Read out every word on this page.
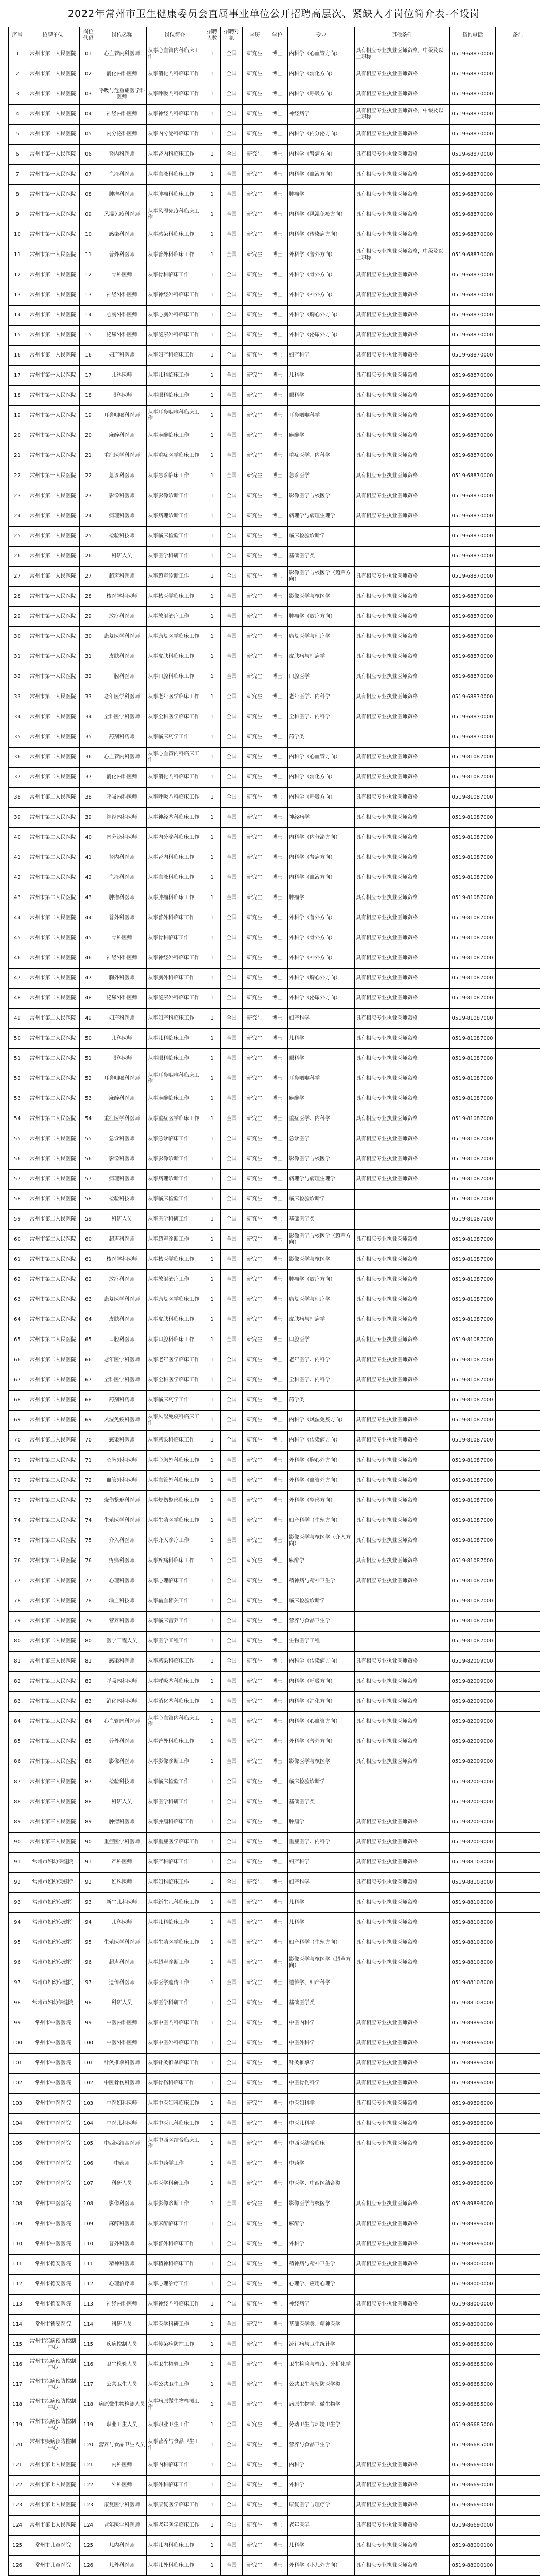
2022年常州市卫生健康委员会直属事业单位公开招聘高层次、紧缺人才岗位简介表-不设岗
序号	招聘单位	岗位代码	岗位名称	岗位简介	招聘人数	招聘对象	学历	学位	专业	其他条件	咨询电话	备注
1	常州市第一人民医院	01	心血管内科医师	从事心血管内科临床工作	1	全国	研究生	博士	内科学（心血管方向）	具有相应专业执业医师资格，中级及以上职称	0519-68870000	
2	常州市第一人民医院	02	消化内科医师	从事消化内科临床工作	1	全国	研究生	博士	内科学（消化方向）	具有相应专业执业医师资格	0519-68870000	
3	常州市第一人民医院	03	呼吸与危重症医学科医师	从事呼吸内科临床工作	1	全国	研究生	博士	内科学（呼吸方向）	具有相应专业执业医师资格	0519-68870000	
4	常州市第一人民医院	04	神经内科医师	从事神经内科临床工作	1	全国	研究生	博士	神经病学	具有相应专业执业医师资格，中级及以上职称	0519-68870000	
5	常州市第一人民医院	05	内分泌科医师	从事内分泌科临床工作	1	全国	研究生	博士	内科学（内分泌方向）	具有相应专业执业医师资格	0519-68870000	
6	常州市第一人民医院	06	肾内科医师	从事肾内科临床工作	1	全国	研究生	博士	内科学（肾病方向）	具有相应专业执业医师资格	0519-68870000	
7	常州市第一人民医院	07	血液科医师	从事血液科临床工作	1	全国	研究生	博士	内科学（血液方向）	具有相应专业执业医师资格	0519-68870000	
8	常州市第一人民医院	08	肿瘤科医师	从事肿瘤科临床工作	1	全国	研究生	博士	肿瘤学	具有相应专业执业医师资格	0519-68870000	
9	常州市第一人民医院	09	风湿免疫科医师	从事风湿免疫科临床工作	1	全国	研究生	博士	内科学（风湿免疫方向）	具有相应专业执业医师资格	0519-68870000	
10	常州市第一人民医院	10	感染科医师	从事感染科临床工作	1	全国	研究生	博士	内科学（传染病方向）	具有相应专业执业医师资格	0519-68870000	
11	常州市第一人民医院	11	普外科医师	从事普外科临床工作	1	全国	研究生	博士	外科学（普外方向）	具有相应专业执业医师资格，中级及以上职称	0519-68870000	
12	常州市第一人民医院	12	骨科医师	从事骨科临床工作	1	全国	研究生	博士	外科学（骨外方向）	具有相应专业执业医师资格	0519-68870000	
13	常州市第一人民医院	13	神经外科医师	从事神经外科临床工作	1	全国	研究生	博士	外科学（神外方向）	具有相应专业执业医师资格	0519-68870000	
14	常州市第一人民医院	14	心胸外科医师	从事心胸外科临床工作	1	全国	研究生	博士	外科学（胸心外方向）	具有相应专业执业医师资格	0519-68870000	
15	常州市第一人民医院	15	泌尿外科医师	从事泌尿外科临床工作	1	全国	研究生	博士	外科学（泌尿外方向）	具有相应专业执业医师资格	0519-68870000	
16	常州市第一人民医院	16	妇产科医师	从事妇产科临床工作	1	全国	研究生	博士	妇产科学	具有相应专业执业医师资格	0519-68870000	
17	常州市第一人民医院	17	儿科医师	从事儿科临床工作	1	全国	研究生	博士	儿科学	具有相应专业执业医师资格	0519-68870000	
18	常州市第一人民医院	18	眼科医师	从事眼科临床工作	1	全国	研究生	博士	眼科学	具有相应专业执业医师资格	0519-68870000	
19	常州市第一人民医院	19	耳鼻咽喉科医师	从事耳鼻咽喉科临床工作	1	全国	研究生	博士	耳鼻咽喉科学	具有相应专业执业医师资格	0519-68870000	
20	常州市第一人民医院	20	麻醉科医师	从事麻醉临床工作	1	全国	研究生	博士	麻醉学	具有相应专业执业医师资格	0519-68870000	
21	常州市第一人民医院	21	重症医学科医师	从事重症医学临床工作	1	全国	研究生	博士	重症医学、内科学	具有相应专业执业医师资格	0519-68870000	
22	常州市第一人民医院	22	急诊科医师	从事急诊临床工作	1	全国	研究生	博士	急诊医学	具有相应专业执业医师资格	0519-68870000	
23	常州市第一人民医院	23	影像科医师	从事影像诊断工作	1	全国	研究生	博士	影像医学与核医学	具有相应专业执业医师资格	0519-68870000	
24	常州市第一人民医院	24	病理科医师	从事病理诊断工作	1	全国	研究生	博士	病理学与病理生理学	具有相应专业执业医师资格	0519-68870000	
25	常州市第一人民医院	25	检验科技师	从事临床检验工作	1	全国	研究生	博士	临床检验诊断学		0519-68870000	
26	常州市第一人民医院	26	科研人员	从事医学科研工作	1	全国	研究生	博士	基础医学类		0519-68870000	
27	常州市第一人民医院	27	超声科医师	从事超声诊断工作	1	全国	研究生	博士	影像医学与核医学（超声方向）	具有相应专业执业医师资格	0519-68870000	
28	常州市第一人民医院	28	核医学科医师	从事核医学临床工作	1	全国	研究生	博士	影像医学与核医学	具有相应专业执业医师资格	0519-68870000	
29	常州市第一人民医院	29	放疗科医师	从事放射治疗工作	1	全国	研究生	博士	肿瘤学（放疗方向）	具有相应专业执业医师资格	0519-68870000	
30	常州市第一人民医院	30	康复医学科医师	从事康复医学临床工作	1	全国	研究生	博士	康复医学与理疗学	具有相应专业执业医师资格	0519-68870000	
31	常州市第一人民医院	31	皮肤科医师	从事皮肤科临床工作	1	全国	研究生	博士	皮肤病与性病学	具有相应专业执业医师资格	0519-68870000	
32	常州市第一人民医院	32	口腔科医师	从事口腔科临床工作	1	全国	研究生	博士	口腔医学	具有相应专业执业医师资格	0519-68870000	
33	常州市第一人民医院	33	老年医学科医师	从事老年医学临床工作	1	全国	研究生	博士	老年医学、内科学	具有相应专业执业医师资格	0519-68870000	
34	常州市第一人民医院	34	全科医学科医师	从事全科医学临床工作	1	全国	研究生	博士	全科医学、内科学	具有相应专业执业医师资格	0519-68870000	
35	常州市第一人民医院	35	药剂科药师	从事临床药学工作	1	全国	研究生	博士	药学类		0519-68870000	
36	常州市第二人民医院	36	心血管内科医师	从事心血管内科临床工作	1	全国	研究生	博士	内科学（心血管方向）	具有相应专业执业医师资格	0519-81087000	
37	常州市第二人民医院	37	消化内科医师	从事消化内科临床工作	1	全国	研究生	博士	内科学（消化方向）	具有相应专业执业医师资格	0519-81087000	
38	常州市第二人民医院	38	呼吸内科医师	从事呼吸内科临床工作	1	全国	研究生	博士	内科学（呼吸方向）	具有相应专业执业医师资格	0519-81087000	
39	常州市第二人民医院	39	神经内科医师	从事神经内科临床工作	1	全国	研究生	博士	神经病学	具有相应专业执业医师资格	0519-81087000	
40	常州市第二人民医院	40	内分泌科医师	从事内分泌科临床工作	1	全国	研究生	博士	内科学（内分泌方向）	具有相应专业执业医师资格	0519-81087000	
41	常州市第二人民医院	41	肾内科医师	从事肾内科临床工作	1	全国	研究生	博士	内科学（肾病方向）	具有相应专业执业医师资格	0519-81087000	
42	常州市第二人民医院	42	血液科医师	从事血液科临床工作	1	全国	研究生	博士	内科学（血液方向）	具有相应专业执业医师资格	0519-81087000	
43	常州市第二人民医院	43	肿瘤科医师	从事肿瘤科临床工作	1	全国	研究生	博士	肿瘤学	具有相应专业执业医师资格	0519-81087000	
44	常州市第二人民医院	44	普外科医师	从事普外科临床工作	1	全国	研究生	博士	外科学（普外方向）	具有相应专业执业医师资格	0519-81087000	
45	常州市第二人民医院	45	骨科医师	从事骨科临床工作	1	全国	研究生	博士	外科学（骨外方向）	具有相应专业执业医师资格	0519-81087000	
46	常州市第二人民医院	46	神经外科医师	从事神经外科临床工作	1	全国	研究生	博士	外科学（神外方向）	具有相应专业执业医师资格	0519-81087000	
47	常州市第二人民医院	47	胸外科医师	从事胸外科临床工作	1	全国	研究生	博士	外科学（胸心外方向）	具有相应专业执业医师资格	0519-81087000	
48	常州市第二人民医院	48	泌尿外科医师	从事泌尿外科临床工作	1	全国	研究生	博士	外科学（泌尿外方向）	具有相应专业执业医师资格	0519-81087000	
49	常州市第二人民医院	49	妇产科医师	从事妇产科临床工作	1	全国	研究生	博士	妇产科学	具有相应专业执业医师资格	0519-81087000	
50	常州市第二人民医院	50	儿科医师	从事儿科临床工作	1	全国	研究生	博士	儿科学	具有相应专业执业医师资格	0519-81087000	
51	常州市第二人民医院	51	眼科医师	从事眼科临床工作	1	全国	研究生	博士	眼科学	具有相应专业执业医师资格	0519-81087000	
52	常州市第二人民医院	52	耳鼻咽喉科医师	从事耳鼻咽喉科临床工作	1	全国	研究生	博士	耳鼻咽喉科学	具有相应专业执业医师资格	0519-81087000	
53	常州市第二人民医院	53	麻醉科医师	从事麻醉临床工作	1	全国	研究生	博士	麻醉学	具有相应专业执业医师资格	0519-81087000	
54	常州市第二人民医院	54	重症医学科医师	从事重症医学临床工作	1	全国	研究生	博士	重症医学、内科学	具有相应专业执业医师资格	0519-81087000	
55	常州市第二人民医院	55	急诊科医师	从事急诊临床工作	1	全国	研究生	博士	急诊医学	具有相应专业执业医师资格	0519-81087000	
56	常州市第二人民医院	56	影像科医师	从事影像诊断工作	1	全国	研究生	博士	影像医学与核医学	具有相应专业执业医师资格	0519-81087000	
57	常州市第二人民医院	57	病理科医师	从事病理诊断工作	1	全国	研究生	博士	病理学与病理生理学	具有相应专业执业医师资格	0519-81087000	
58	常州市第二人民医院	58	检验科技师	从事临床检验工作	1	全国	研究生	博士	临床检验诊断学		0519-81087000	
59	常州市第二人民医院	59	科研人员	从事医学科研工作	1	全国	研究生	博士	基础医学类		0519-81087000	
60	常州市第二人民医院	60	超声科医师	从事超声诊断工作	1	全国	研究生	博士	影像医学与核医学（超声方向）	具有相应专业执业医师资格	0519-81087000	
61	常州市第二人民医院	61	核医学科医师	从事核医学临床工作	1	全国	研究生	博士	影像医学与核医学	具有相应专业执业医师资格	0519-81087000	
62	常州市第二人民医院	62	放疗科医师	从事放射治疗工作	1	全国	研究生	博士	肿瘤学（放疗方向）	具有相应专业执业医师资格	0519-81087000	
63	常州市第二人民医院	63	康复医学科医师	从事康复医学临床工作	1	全国	研究生	博士	康复医学与理疗学	具有相应专业执业医师资格	0519-81087000	
64	常州市第二人民医院	64	皮肤科医师	从事皮肤科临床工作	1	全国	研究生	博士	皮肤病与性病学	具有相应专业执业医师资格	0519-81087000	
65	常州市第二人民医院	65	口腔科医师	从事口腔科临床工作	1	全国	研究生	博士	口腔医学	具有相应专业执业医师资格	0519-81087000	
66	常州市第二人民医院	66	老年医学科医师	从事老年医学临床工作	1	全国	研究生	博士	老年医学、内科学	具有相应专业执业医师资格	0519-81087000	
67	常州市第二人民医院	67	全科医学科医师	从事全科医学临床工作	1	全国	研究生	博士	全科医学、内科学	具有相应专业执业医师资格	0519-81087000	
68	常州市第二人民医院	68	药剂科药师	从事临床药学工作	1	全国	研究生	博士	药学类		0519-81087000	
69	常州市第二人民医院	69	风湿免疫科医师	从事风湿免疫科临床工作	1	全国	研究生	博士	内科学（风湿免疫方向）	具有相应专业执业医师资格	0519-81087000	
70	常州市第二人民医院	70	感染科医师	从事感染科临床工作	1	全国	研究生	博士	内科学（传染病方向）	具有相应专业执业医师资格	0519-81087000	
71	常州市第二人民医院	71	心胸外科医师	从事心胸外科临床工作	1	全国	研究生	博士	外科学（胸心外方向）	具有相应专业执业医师资格	0519-81087000	
72	常州市第二人民医院	72	血管外科医师	从事血管外科临床工作	1	全国	研究生	博士	外科学（血管外方向）	具有相应专业执业医师资格	0519-81087000	
73	常州市第二人民医院	73	烧伤整形科医师	从事烧伤整形临床工作	1	全国	研究生	博士	外科学（整形方向）	具有相应专业执业医师资格	0519-81087000	
74	常州市第二人民医院	74	生殖医学科医师	从事生殖医学临床工作	1	全国	研究生	博士	妇产科学（生殖方向）	具有相应专业执业医师资格	0519-81087000	
75	常州市第二人民医院	75	介入科医师	从事介入诊疗工作	1	全国	研究生	博士	影像医学与核医学（介入方向）	具有相应专业执业医师资格	0519-81087000	
76	常州市第二人民医院	76	疼痛科医师	从事疼痛科临床工作	1	全国	研究生	博士	麻醉学	具有相应专业执业医师资格	0519-81087000	
77	常州市第二人民医院	77	心理科医师	从事心理临床工作	1	全国	研究生	博士	精神病与精神卫生学	具有相应专业执业医师资格	0519-81087000	
78	常州市第二人民医院	78	输血科技师	从事输血相关工作	1	全国	研究生	博士	临床检验诊断学		0519-81087000	
79	常州市第二人民医院	79	营养科医师	从事临床营养工作	1	全国	研究生	博士	营养与食品卫生学		0519-81087000	
80	常州市第二人民医院	80	医学工程人员	从事医学工程工作	1	全国	研究生	博士	生物医学工程		0519-81087000	
81	常州市第三人民医院	81	感染科医师	从事感染科临床工作	1	全国	研究生	博士	内科学（传染病方向）	具有相应专业执业医师资格	0519-82009000	
82	常州市第三人民医院	82	呼吸内科医师	从事呼吸内科临床工作	1	全国	研究生	博士	内科学（呼吸方向）	具有相应专业执业医师资格	0519-82009000	
83	常州市第三人民医院	83	消化内科医师	从事消化内科临床工作	1	全国	研究生	博士	内科学（消化方向）	具有相应专业执业医师资格	0519-82009000	
84	常州市第三人民医院	84	心血管内科医师	从事心血管内科临床工作	1	全国	研究生	博士	内科学（心血管方向）	具有相应专业执业医师资格	0519-82009000	
85	常州市第三人民医院	85	普外科医师	从事普外科临床工作	1	全国	研究生	博士	外科学（普外方向）	具有相应专业执业医师资格	0519-82009000	
86	常州市第三人民医院	86	影像科医师	从事影像诊断工作	1	全国	研究生	博士	影像医学与核医学	具有相应专业执业医师资格	0519-82009000	
87	常州市第三人民医院	87	检验科技师	从事临床检验工作	1	全国	研究生	博士	临床检验诊断学		0519-82009000	
88	常州市第三人民医院	88	科研人员	从事医学科研工作	1	全国	研究生	博士	基础医学类		0519-82009000	
89	常州市第三人民医院	89	肿瘤科医师	从事肿瘤科临床工作	1	全国	研究生	博士	肿瘤学	具有相应专业执业医师资格	0519-82009000	
90	常州市第三人民医院	90	重症医学科医师	从事重症医学临床工作	1	全国	研究生	博士	重症医学、内科学	具有相应专业执业医师资格	0519-82009000	
91	常州市妇幼保健院	91	产科医师	从事产科临床工作	1	全国	研究生	博士	妇产科学	具有相应专业执业医师资格	0519-88108000	
92	常州市妇幼保健院	92	妇科医师	从事妇科临床工作	1	全国	研究生	博士	妇产科学	具有相应专业执业医师资格	0519-88108000	
93	常州市妇幼保健院	93	新生儿科医师	从事新生儿科临床工作	1	全国	研究生	博士	儿科学	具有相应专业执业医师资格	0519-88108000	
94	常州市妇幼保健院	94	儿科医师	从事儿科临床工作	1	全国	研究生	博士	儿科学	具有相应专业执业医师资格	0519-88108000	
95	常州市妇幼保健院	95	生殖医学科医师	从事生殖医学临床工作	1	全国	研究生	博士	妇产科学（生殖方向）	具有相应专业执业医师资格	0519-88108000	
96	常州市妇幼保健院	96	超声科医师	从事超声诊断工作	1	全国	研究生	博士	影像医学与核医学（超声方向）	具有相应专业执业医师资格	0519-88108000	
97	常州市妇幼保健院	97	遗传科医师	从事医学遗传工作	1	全国	研究生	博士	遗传学、妇产科学		0519-88108000	
98	常州市妇幼保健院	98	科研人员	从事医学科研工作	1	全国	研究生	博士	基础医学类		0519-88108000	
99	常州市中医医院	99	中医内科医师	从事中医内科临床工作	1	全国	研究生	博士	中医内科学	具有相应专业执业医师资格	0519-89896000	
100	常州市中医医院	100	中医外科医师	从事中医外科临床工作	1	全国	研究生	博士	中医外科学	具有相应专业执业医师资格	0519-89896000	
101	常州市中医医院	101	针灸推拿科医师	从事针灸推拿临床工作	1	全国	研究生	博士	针灸推拿学	具有相应专业执业医师资格	0519-89896000	
102	常州市中医医院	102	中医骨伤科医师	从事骨伤科临床工作	1	全国	研究生	博士	中医骨伤科学	具有相应专业执业医师资格	0519-89896000	
103	常州市中医医院	103	中医妇科医师	从事中医妇科临床工作	1	全国	研究生	博士	中医妇科学	具有相应专业执业医师资格	0519-89896000	
104	常州市中医医院	104	中医儿科医师	从事中医儿科临床工作	1	全国	研究生	博士	中医儿科学	具有相应专业执业医师资格	0519-89896000	
105	常州市中医医院	105	中西医结合医师	从事中西医结合临床工作	1	全国	研究生	博士	中西医结合临床	具有相应专业执业医师资格	0519-89896000	
106	常州市中医医院	106	中药师	从事中药学工作	1	全国	研究生	博士	中药学		0519-89896000	
107	常州市中医医院	107	科研人员	从事医学科研工作	1	全国	研究生	博士	中医学、中西医结合类		0519-89896000	
108	常州市中医医院	108	影像科医师	从事影像诊断工作	1	全国	研究生	博士	影像医学与核医学	具有相应专业执业医师资格	0519-89896000	
109	常州市中医医院	109	麻醉科医师	从事麻醉临床工作	1	全国	研究生	博士	麻醉学	具有相应专业执业医师资格	0519-89896000	
110	常州市中医医院	110	普外科医师	从事普外科临床工作	1	全国	研究生	博士	外科学	具有相应专业执业医师资格	0519-89896000	
111	常州市德安医院	111	精神科医师	从事精神科临床工作	1	全国	研究生	博士	精神病与精神卫生学	具有相应专业执业医师资格	0519-88000000	
112	常州市德安医院	112	心理治疗师	从事心理治疗工作	1	全国	研究生	博士	心理学、应用心理学		0519-88000000	
113	常州市德安医院	113	神经内科医师	从事神经内科临床工作	1	全国	研究生	博士	神经病学	具有相应专业执业医师资格	0519-88000000	
114	常州市德安医院	114	科研人员	从事医学科研工作	1	全国	研究生	博士	基础医学类、精神医学		0519-88000000	
115	常州市疾病预防控制中心	115	疾病控制人员	从事传染病防控工作	1	全国	研究生	博士	流行病与卫生统计学		0519-86685000	
116	常州市疾病预防控制中心	116	卫生检验人员	从事卫生检验工作	1	全国	研究生	博士	卫生检验与检疫、分析化学		0519-86685000	
117	常州市疾病预防控制中心	117	公共卫生人员	从事公共卫生工作	1	全国	研究生	博士	公共卫生与预防医学类		0519-86685000	
118	常州市疾病预防控制中心	118	病原微生物检测人员	从事病原微生物检测工作	1	全国	研究生	博士	病原生物学、微生物学		0519-86685000	
119	常州市疾病预防控制中心	119	职业卫生人员	从事职业卫生工作	1	全国	研究生	博士	劳动卫生与环境卫生学		0519-86685000	
120	常州市疾病预防控制中心	120	营养与食品卫生人员	从事营养与食品卫生工作	1	全国	研究生	博士	营养与食品卫生学		0519-86685000	
121	常州市第七人民医院	121	内科医师	从事内科临床工作	1	全国	研究生	博士	内科学	具有相应专业执业医师资格	0519-86690000	
122	常州市第七人民医院	122	外科医师	从事外科临床工作	1	全国	研究生	博士	外科学	具有相应专业执业医师资格	0519-86690000	
123	常州市第七人民医院	123	康复医学科医师	从事康复医学临床工作	1	全国	研究生	博士	康复医学与理疗学	具有相应专业执业医师资格	0519-86690000	
124	常州市第七人民医院	124	老年医学科医师	从事老年医学临床工作	1	全国	研究生	博士	老年医学	具有相应专业执业医师资格	0519-86690000	
125	常州市儿童医院	125	儿内科医师	从事儿内科临床工作	1	全国	研究生	博士	儿科学	具有相应专业执业医师资格	0519-88000100	
126	常州市儿童医院	126	儿外科医师	从事儿外科临床工作	1	全国	研究生	博士	外科学（小儿外方向）	具有相应专业执业医师资格	0519-88000100	
